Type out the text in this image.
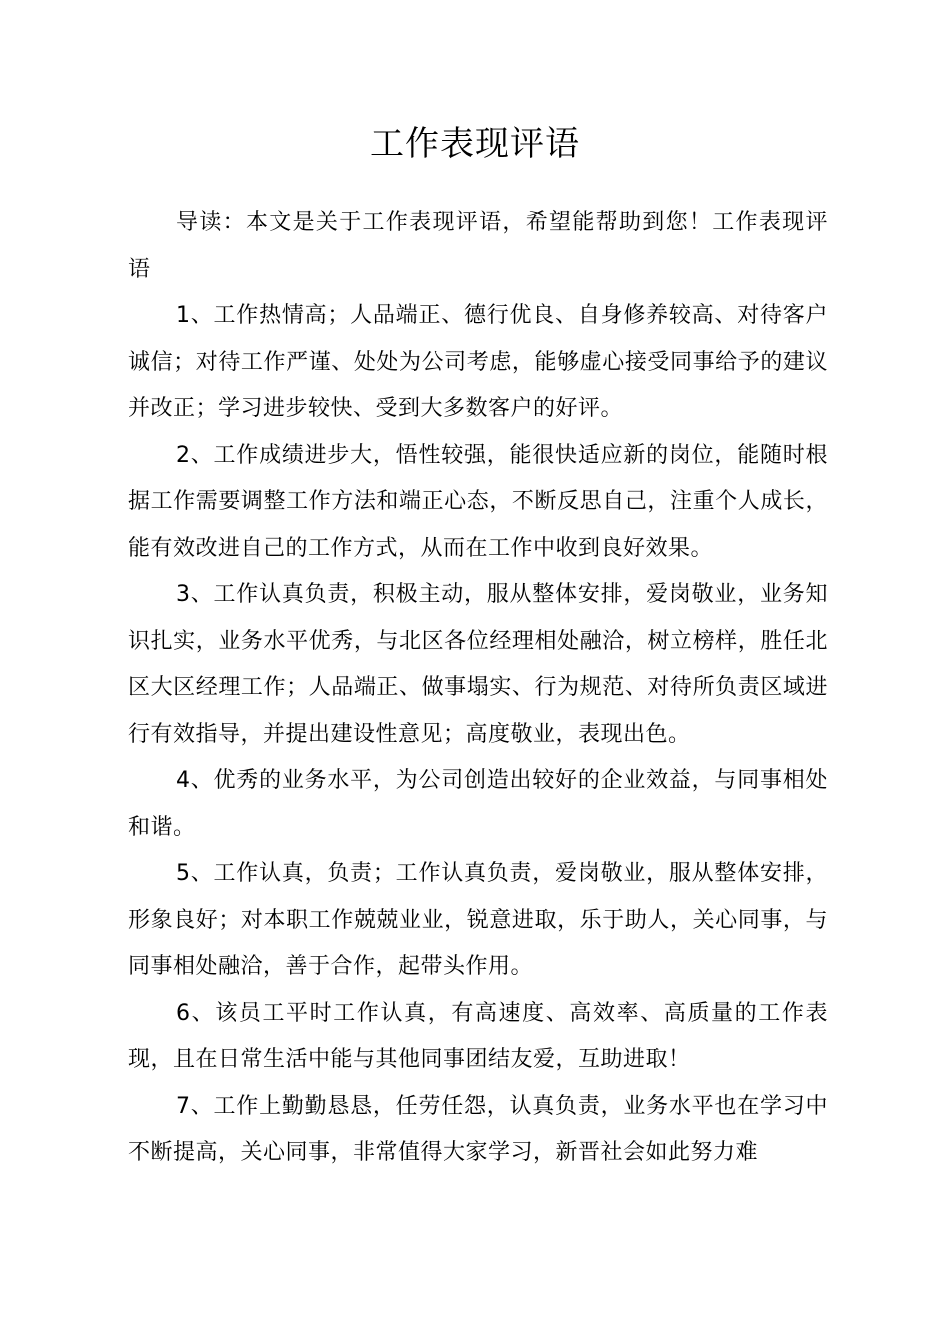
工作表现评语

导读：本文是关于工作表现评语，希望能帮助到您！工作表现评语

1、工作热情高；人品端正、德行优良、自身修养较高、对待客户诚信；对待工作严谨、处处为公司考虑，能够虚心接受同事给予的建议并改正；学习进步较快、受到大多数客户的好评。

2、工作成绩进步大，悟性较强，能很快适应新的岗位，能随时根据工作需要调整工作方法和端正心态，不断反思自己，注重个人成长，能有效改进自己的工作方式，从而在工作中收到良好效果。

3、工作认真负责，积极主动，服从整体安排，爱岗敬业，业务知识扎实，业务水平优秀，与北区各位经理相处融洽，树立榜样，胜任北区大区经理工作；人品端正、做事塌实、行为规范、对待所负责区域进行有效指导，并提出建设性意见；高度敬业，表现出色。

4、优秀的业务水平，为公司创造出较好的企业效益，与同事相处和谐。

5、工作认真，负责；工作认真负责，爱岗敬业，服从整体安排，形象良好；对本职工作兢兢业业，锐意进取，乐于助人，关心同事，与同事相处融洽，善于合作，起带头作用。

6、该员工平时工作认真，有高速度、高效率、高质量的工作表现，且在日常生活中能与其他同事团结友爱，互助进取！

7、工作上勤勤恳恳，任劳任怨，认真负责，业务水平也在学习中不断提高，关心同事，非常值得大家学习，新晋社会如此努力难
